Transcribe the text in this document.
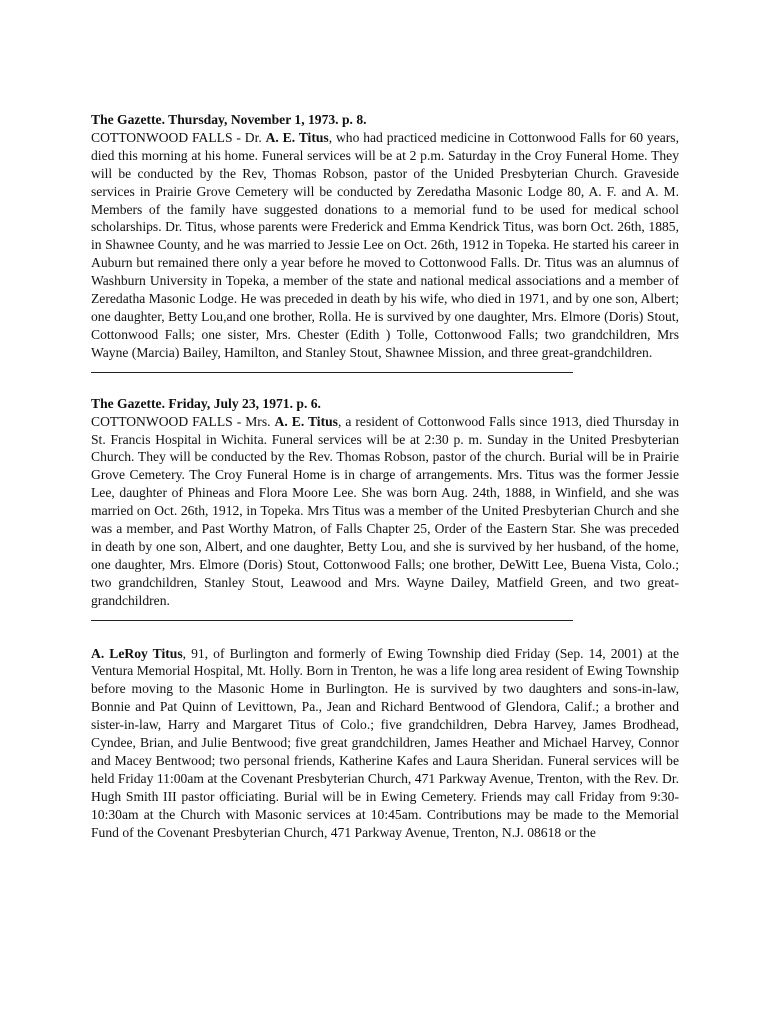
The Gazette. Thursday, November 1, 1973. p. 8.

COTTONWOOD FALLS - Dr. A. E. Titus, who had practiced medicine in Cottonwood Falls for 60 years, died this morning at his home. Funeral services will be at 2 p.m. Saturday in the Croy Funeral Home. They will be conducted by the Rev, Thomas Robson, pastor of the Unided Presbyterian Church. Graveside services in Prairie Grove Cemetery will be conducted by Zeredatha Masonic Lodge 80, A. F. and A. M. Members of the family have suggested donations to a memorial fund to be used for medical school scholarships. Dr. Titus, whose parents were Frederick and Emma Kendrick Titus, was born Oct. 26th, 1885, in Shawnee County, and he was married to Jessie Lee on Oct. 26th, 1912 in Topeka. He started his career in Auburn but remained there only a year before he moved to Cottonwood Falls. Dr. Titus was an alumnus of Washburn University in Topeka, a member of the state and national medical associations and a member of Zeredatha Masonic Lodge. He was preceded in death by his wife, who died in 1971, and by one son, Albert; one daughter, Betty Lou,and one brother, Rolla. He is survived by one daughter, Mrs. Elmore (Doris) Stout, Cottonwood Falls; one sister, Mrs. Chester (Edith ) Tolle, Cottonwood Falls; two grandchildren, Mrs Wayne (Marcia) Bailey, Hamilton, and Stanley Stout, Shawnee Mission, and three great-grandchildren.

The Gazette. Friday, July 23, 1971. p. 6.

COTTONWOOD FALLS - Mrs. A. E. Titus, a resident of Cottonwood Falls since 1913, died Thursday in St. Francis Hospital in Wichita. Funeral services will be at 2:30 p. m. Sunday in the United Presbyterian Church. They will be conducted by the Rev. Thomas Robson, pastor of the church. Burial will be in Prairie Grove Cemetery. The Croy Funeral Home is in charge of arrangements. Mrs. Titus was the former Jessie Lee, daughter of Phineas and Flora Moore Lee. She was born Aug. 24th, 1888, in Winfield, and she was married on Oct. 26th, 1912, in Topeka. Mrs Titus was a member of the United Presbyterian Church and she was a member, and Past Worthy Matron, of Falls Chapter 25, Order of the Eastern Star. She was preceded in death by one son, Albert, and one daughter, Betty Lou, and she is survived by her husband, of the home, one daughter, Mrs. Elmore (Doris) Stout, Cottonwood Falls; one brother, DeWitt Lee, Buena Vista, Colo.; two grandchildren, Stanley Stout, Leawood and Mrs. Wayne Dailey, Matfield Green, and two great-grandchildren.

A. LeRoy Titus, 91, of Burlington and formerly of Ewing Township died Friday (Sep. 14, 2001) at the Ventura Memorial Hospital, Mt. Holly. Born in Trenton, he was a life long area resident of Ewing Township before moving to the Masonic Home in Burlington. He is survived by two daughters and sons-in-law, Bonnie and Pat Quinn of Levittown, Pa., Jean and Richard Bentwood of Glendora, Calif.; a brother and sister-in-law, Harry and Margaret Titus of Colo.; five grandchildren, Debra Harvey, James Brodhead, Cyndee, Brian, and Julie Bentwood; five great grandchildren, James Heather and Michael Harvey, Connor and Macey Bentwood; two personal friends, Katherine Kafes and Laura Sheridan. Funeral services will be held Friday 11:00am at the Covenant Presbyterian Church, 471 Parkway Avenue, Trenton, with the Rev. Dr. Hugh Smith III pastor officiating. Burial will be in Ewing Cemetery. Friends may call Friday from 9:30-10:30am at the Church with Masonic services at 10:45am. Contributions may be made to the Memorial Fund of the Covenant Presbyterian Church, 471 Parkway Avenue, Trenton, N.J. 08618 or the
